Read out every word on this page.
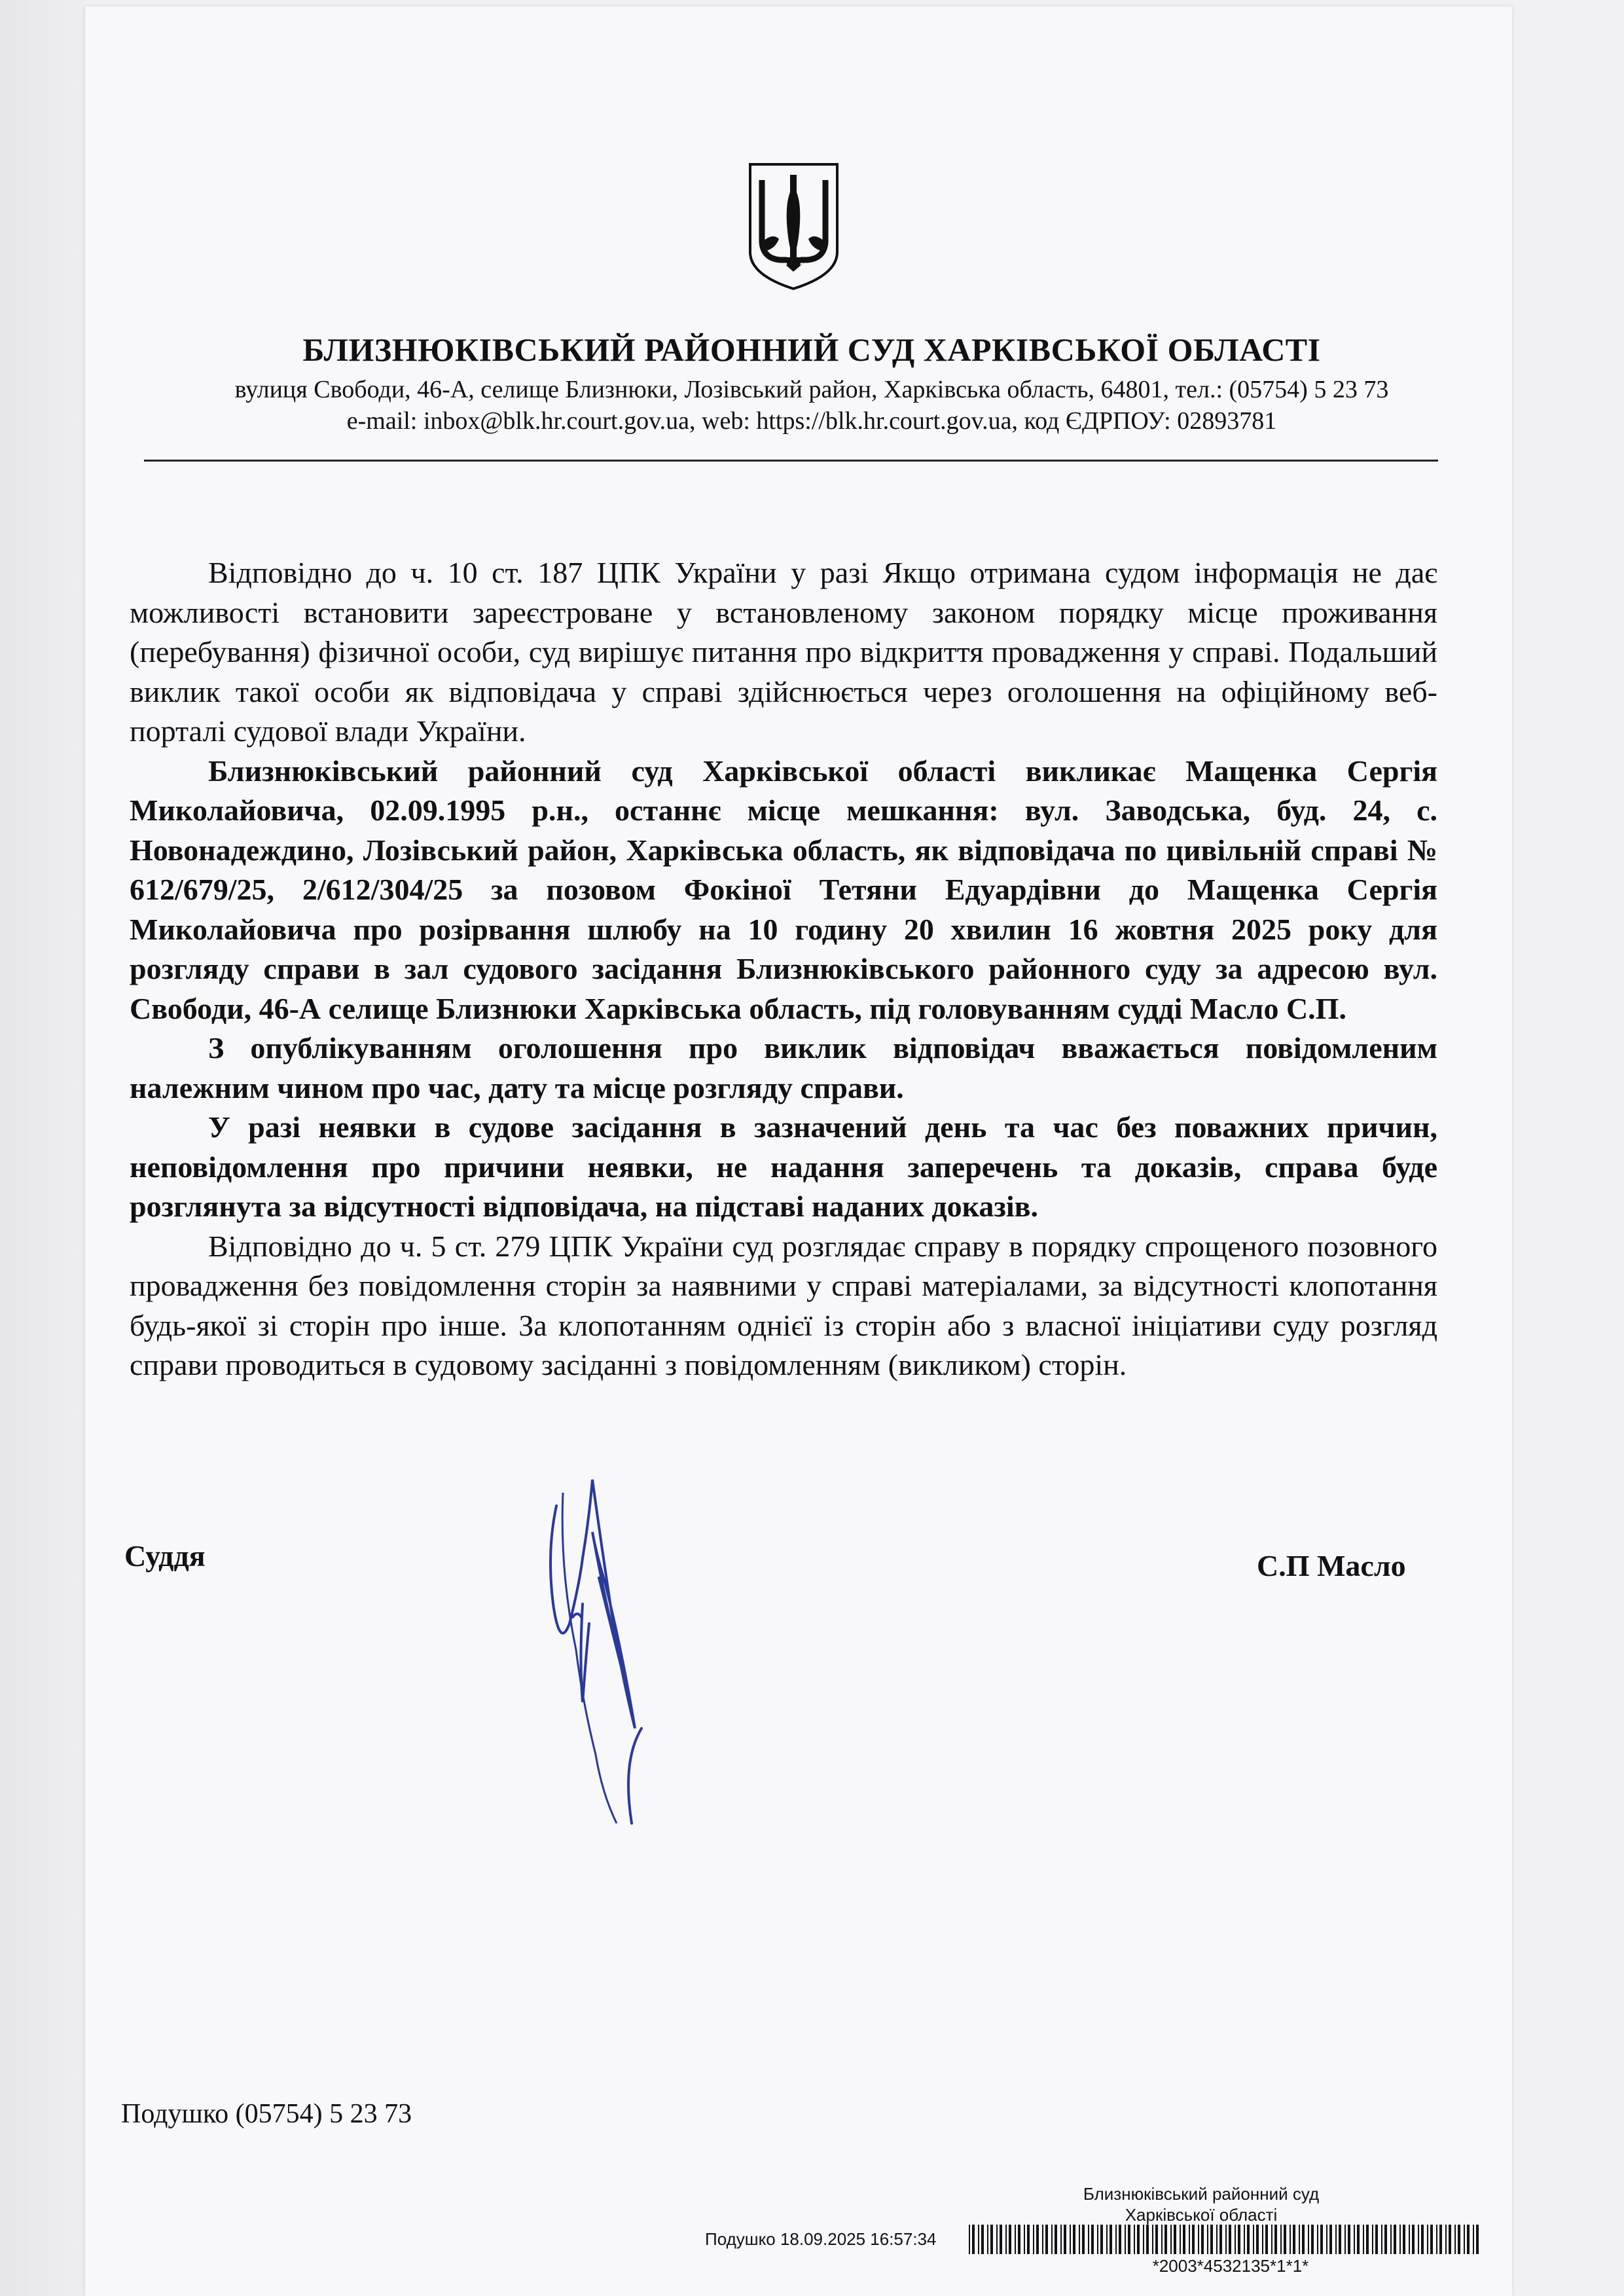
БЛИЗНЮКІВСЬКИЙ РАЙОННИЙ СУД ХАРКІВСЬКОЇ ОБЛАСТІ
вулиця Свободи, 46-А, селище Близнюки, Лозівський район, Харківська область, 64801, тел.: (05754) 5 23 73
e-mail: inbox@blk.hr.court.gov.ua, web: https://blk.hr.court.gov.ua, код ЄДРПОУ: 02893781

Відповідно до ч. 10 ст. 187 ЦПК України у разі Якщо отримана судом інформація не дає можливості встановити зареєстроване у встановленому законом порядку місце проживання (перебування) фізичної особи, суд вирішує питання про відкриття провадження у справі. Подальший виклик такої особи як відповідача у справі здійснюється через оголошення на офіційному веб-порталі судової влади України.

Близнюківський районний суд Харківської області викликає Мащенка Сергія Миколайовича, 02.09.1995 р.н., останнє місце мешкання: вул. Заводська, буд. 24, с. Новонадеждино, Лозівський район, Харківська область, як відповідача по цивільній справі № 612/679/25, 2/612/304/25 за позовом Фокіної Тетяни Едуардівни до Мащенка Сергія Миколайовича про розірвання шлюбу на 10 годину 20 хвилин 16 жовтня 2025 року для розгляду справи в зал судового засідання Близнюківського районного суду за адресою вул. Свободи, 46-А селище Близнюки Харківська область, під головуванням судді Масло С.П.

З опублікуванням оголошення про виклик відповідач вважається повідомленим належним чином про час, дату та місце розгляду справи.

У разі неявки в судове засідання в зазначений день та час без поважних причин, неповідомлення про причини неявки, не надання заперечень та доказів, справа буде розглянута за відсутності відповідача, на підставі наданих доказів.

Відповідно до ч. 5 ст. 279 ЦПК України суд розглядає справу в порядку спрощеного позовного провадження без повідомлення сторін за наявними у справі матеріалами, за відсутності клопотання будь-якої зі сторін про інше. За клопотанням однієї із сторін або з власної ініціативи суду розгляд справи проводиться в судовому засіданні з повідомленням (викликом) сторін.

Суддя	С.П Масло
Подушко (05754) 5 23 73
Близнюківський районний суд
Харківської області
Подушко 18.09.2025 16:57:34
*2003*4532135*1*1*
